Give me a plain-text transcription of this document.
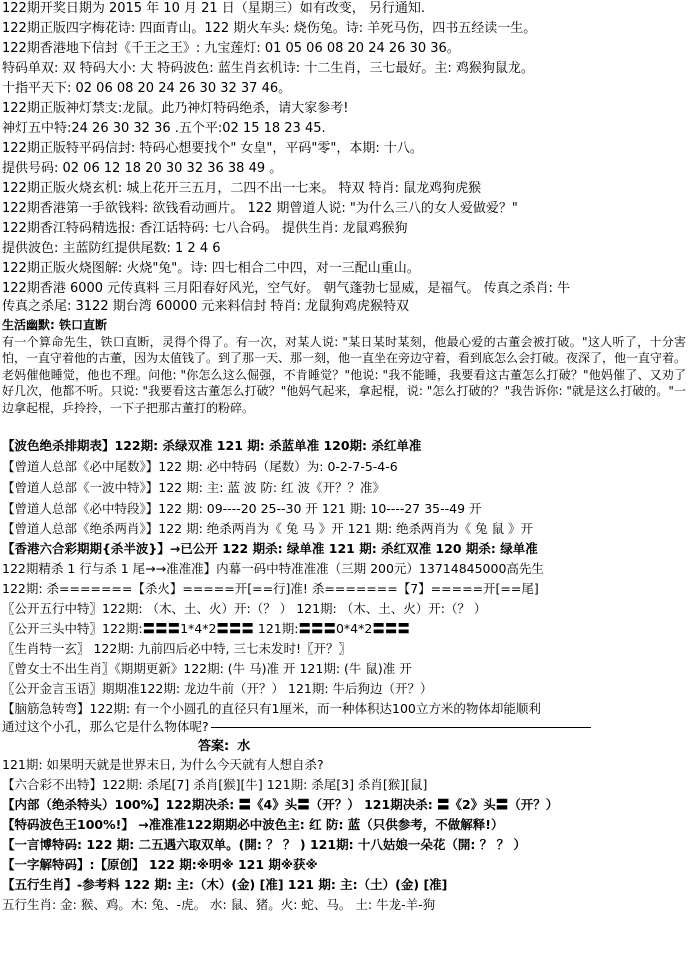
122期开奖日期为 2015 年 10 月 21 日（星期三）如有改变， 另行通知.
122期正版四字梅花诗: 四面青山。122 期火车头: 烧伤兔。诗: 羊死马伤，四书五经读一生。
122期香港地下信封《千王之王》: 九宝莲灯: 01 05 06 08 20 24 26 30 36。
特码单双: 双 特码大小: 大 特码波色: 蓝生肖玄机诗: 十二生肖，三七最好。主: 鸡猴狗鼠龙。
十指平天下: 02 06 08 20 24 26 30 32 37 46。
122期正版神灯禁支:龙鼠。此乃神灯特码绝杀，请大家参考!
神灯五中特:24 26 30 32 36 .五个平:02 15 18 23 45.
122期正版特平码信封: 特码心想要找个" 女皇"，平码"零"，本期: 十八。
提供号码: 02 06 12 18 20 30 32 36 38 49 。
122期正版火烧玄机: 城上花开三五月，二四不出一七来。 特双 特肖: 鼠龙鸡狗虎猴
122期香港第一手欲钱料: 欲钱看动画片。 122 期曾道人说: "为什么三八的女人爱做爱？"
122期香江特码精选报: 香江话特码: 七八合码。 提供生肖: 龙鼠鸡猴狗
提供波色: 主蓝防红提供尾数: 1 2 4 6
122期正版火烧图解: 火烧"兔"。诗: 四七相合二中四，对一三配山重山。
122期香港 6000 元传真料 三月阳春好风光，空气好。 朝气蓬勃七显威，是福气。 传真之杀肖: 牛
传真之杀尾: 3122 期台湾 60000 元来料信封 特肖: 龙鼠狗鸡虎猴特双
生活幽默: 铁口直断
有一个算命先生，铁口直断，灵得个得了。有一次，对某人说: "某日某时某刻，他最心爱的古董会被打破。"这人听了，十分害怕，一直守着他的古董，因为太值钱了。到了那一天、那一刻，他一直坐在旁边守着，看到底怎么会打破。夜深了，他一直守着。老妈催他睡觉，他也不理。问他: "你怎么这么倔强，不肯睡觉？"他说: "我不能睡，我要看这古董怎么打破？"他妈催了、又劝了好几次，他都不听。只说: "我要看这古董怎么打破？"他妈气起来，拿起棍，说: "怎么打破的？"我告诉你: "就是这么打破的。"一边拿起棍，乒拎拎，一下子把那古董打的粉碎。
【波色绝杀排期表】122期: 杀绿双准 121 期: 杀蓝单准 120期: 杀红单准
【曾道人总部《必中尾数》】122 期: 必中特码（尾数）为: 0-2-7-5-4-6
【曾道人总部《一波中特》】122 期: 主: 蓝 波 防: 红 波《开？？准》
【曾道人总部《必中特段》】122 期: 09----20 25--30 开 121 期: 10----27 35--49 开
【曾道人总部《绝杀两肖》】122 期: 绝杀两肖为《 兔 马 》开 121 期: 绝杀两肖为《 兔 鼠 》开
【香港六合彩期期{杀半波}】→已公开 122 期杀: 绿单准 121 期: 杀红双准 120 期杀: 绿单准
122期精杀 1 行与杀 1 尾→→准准准】内幕一码中特准准准（三期 200元）13714845000高先生
122期: 杀=======【杀火】=====开[==行]准! 杀=======【7】=====开[==尾]
〖公开五行中特〗122期: （木、土、火）开:（？ ） 121期: （木、土、火）开:（？ ）
〖公开三头中特〗122期:〓〓〓1*4*2〓〓〓 121期:〓〓〓0*4*2〓〓〓
〖生肖特一玄〗 122期: 九前四后必中特, 三七未发时!〖开？〗
〖曾女士不出生肖〗《期期更新》122期: (牛 马)准 开 121期: (牛 鼠)准 开
〖公开金言玉语〗期期准122期: 龙边牛前（开？） 121期: 牛后狗边（开？）
【脑筋急转弯】122期: 有一个小圆孔的直径只有1厘米，而一种体积达100立方米的物体却能顺利
通过这个小孔，那么它是什么物体呢?
答案: 水
121期: 如果明天就是世界末日, 为什么今天就有人想自杀?
【六合彩不出特】122期: 杀尾[7] 杀肖[猴][牛] 121期: 杀尾[3] 杀肖[猴][鼠]
【内部（绝杀特头）100%】122期决杀: 〓《4》头〓（开？） 121期决杀: 〓《2》头〓（开？）
【特码波色王100%!】 →准准准122期期必中波色主: 红 防: 蓝（只供参考，不做解释!）
【一言博特码: 122 期: 二五遇六取双单。(開: ？ ？ ) 121期: 十八姑娘一朵花（開: ？ ？ ）
【一字解特码】:【原创】 122 期:※明※ 121 期※获※
【五行生肖】-参考料 122 期: 主:（木）(金) [准] 121 期: 主:（土）(金) [准]
五行生肖: 金: 猴、鸡。木: 兔、-虎。 水: 鼠、猪。火: 蛇、马。 土: 牛龙-羊-狗
